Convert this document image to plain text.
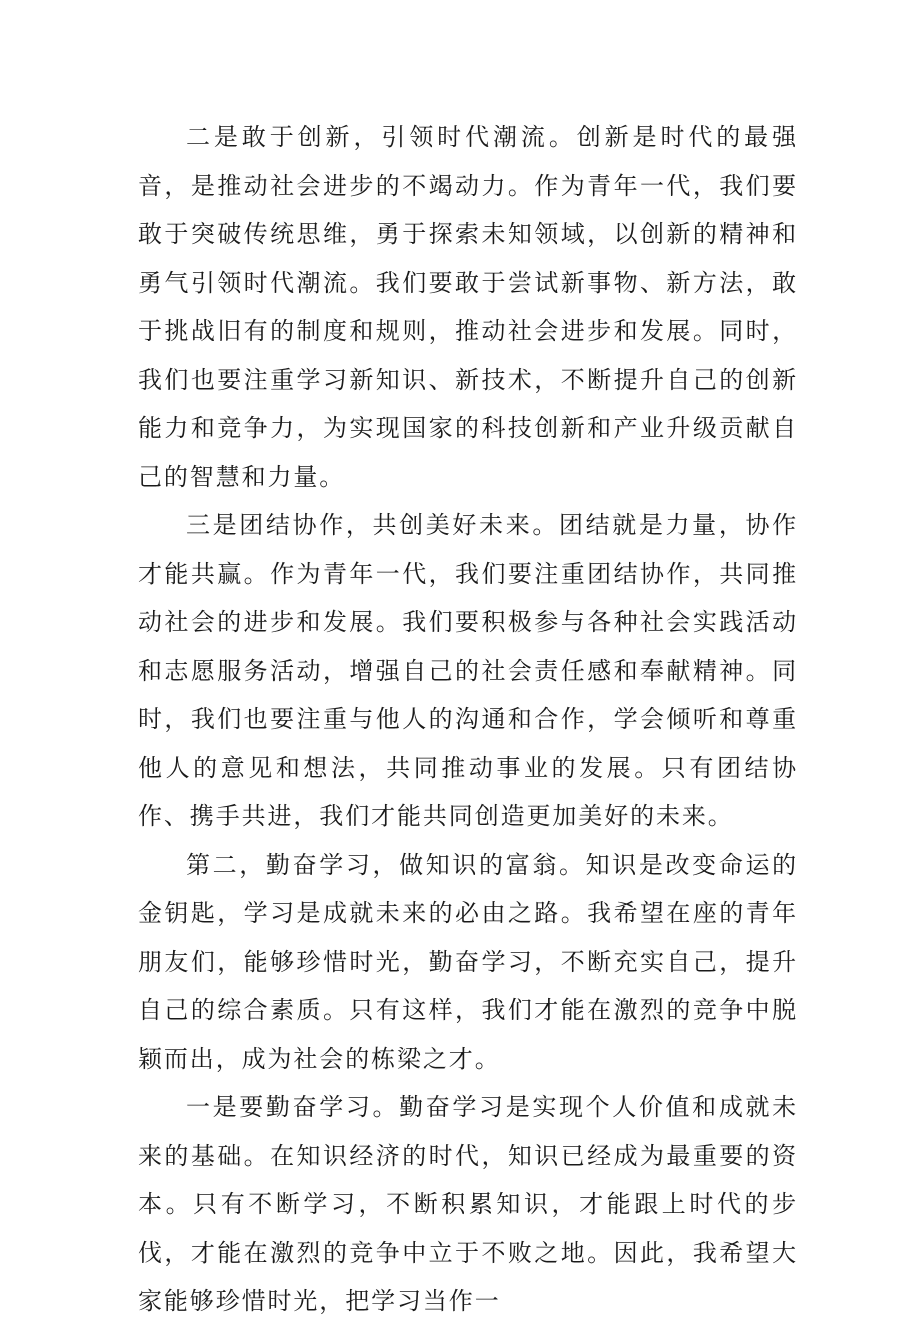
二是敢于创新，引领时代潮流。创新是时代的最强音，是推动社会进步的不竭动力。作为青年一代，我们要敢于突破传统思维，勇于探索未知领域，以创新的精神和勇气引领时代潮流。我们要敢于尝试新事物、新方法，敢于挑战旧有的制度和规则，推动社会进步和发展。同时，我们也要注重学习新知识、新技术，不断提升自己的创新能力和竞争力，为实现国家的科技创新和产业升级贡献自己的智慧和力量。

三是团结协作，共创美好未来。团结就是力量，协作才能共赢。作为青年一代，我们要注重团结协作，共同推动社会的进步和发展。我们要积极参与各种社会实践活动和志愿服务活动，增强自己的社会责任感和奉献精神。同时，我们也要注重与他人的沟通和合作，学会倾听和尊重他人的意见和想法，共同推动事业的发展。只有团结协作、携手共进，我们才能共同创造更加美好的未来。

第二，勤奋学习，做知识的富翁。知识是改变命运的金钥匙，学习是成就未来的必由之路。我希望在座的青年朋友们，能够珍惜时光，勤奋学习，不断充实自己，提升自己的综合素质。只有这样，我们才能在激烈的竞争中脱颖而出，成为社会的栋梁之才。

一是要勤奋学习。勤奋学习是实现个人价值和成就未来的基础。在知识经济的时代，知识已经成为最重要的资本。只有不断学习，不断积累知识，才能跟上时代的步伐，才能在激烈的竞争中立于不败之地。因此，我希望大家能够珍惜时光，把学习当作一
